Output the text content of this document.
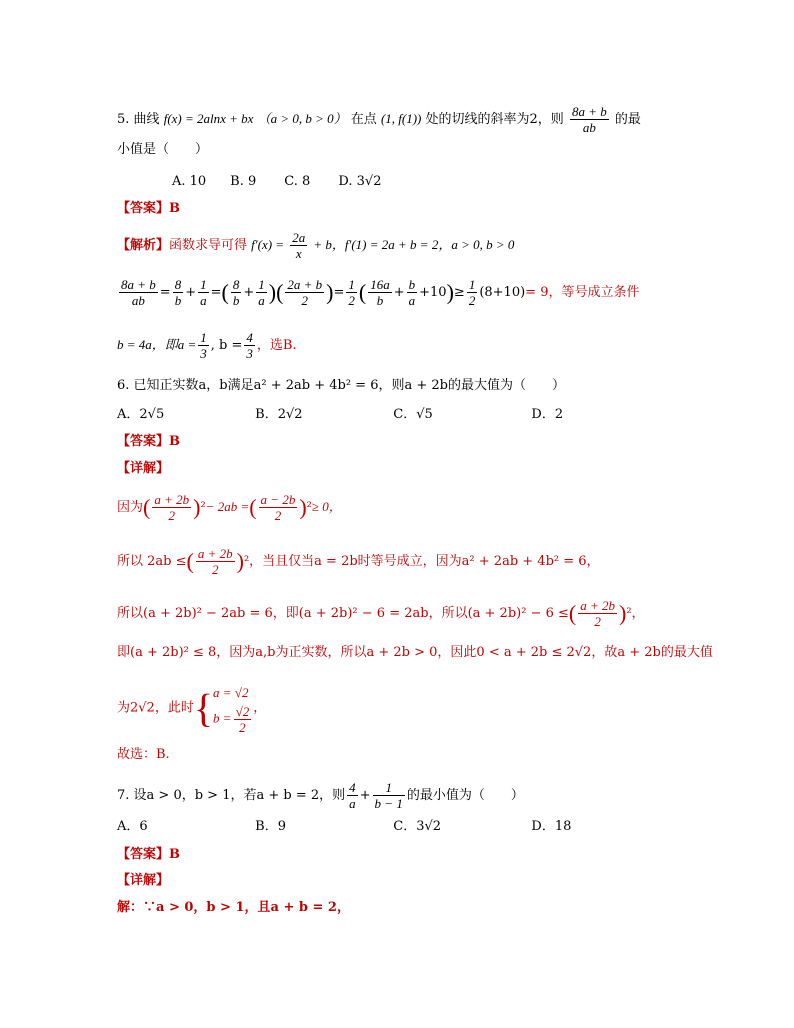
5. 曲线 f(x) = 2alnx + bx （a > 0, b > 0） 在点 (1, f(1)) 处的切线的斜率为2，则 $\frac{8a + b}{ab}$ 的最
小值是（　　）
A. 10 B. 9 C. 8 D. 3√2
【答案】B
【解析】函数求导可得 $f'(x) = \frac{2a}{x} + b$，f′(1) = 2a + b = 2，a > 0, b > 0
$\frac{8a + b}{ab} = \frac{8}{b} + \frac{1}{a}$ =( $\frac{8}{b} + \frac{1}{a}$ )( $\frac{2a + b}{2}$ )= $\frac{1}{2}$ ( $\frac{16a}{b} + \frac{b}{a} +10)\ge \frac{1}{2} (8+10)= 9$，等号成立条件
b = 4a，即$a = \frac{1}{3}$ , $b = \frac{4}{3}$ ，选B.
6. 已知正实数a，b满足a² + 2ab + 4b² = 6，则a + 2b的最大值为（　　）
A．2√5	B．2√2	C．√5	D．2
【答案】B
【详解】
因为( $\frac{a + 2b}{2} )^2- 2ab$ =( $\frac{a - 2b}{2} )^2\ge 0$，
所以 2ab ≤( $\frac{a + 2b}{2} )^2$，当且仅当a = 2b时等号成立，因为a² + 2ab + 4b² = 6，
所以(a + 2b)² − 2ab = 6，即(a + 2b)² − 6 = 2ab，所以(a + 2b)² − 6 ≤( $\frac{a + 2b}{2} )^2$，
即(a + 2b)² ≤ 8，因为a,b为正实数，所以a + 2b > 0，因此0 < a + 2b ≤ 2√2，故a + 2b的最大值
为2√2，此时{a = √2
$b = \frac{√2}{2}$ ，
故选：B.
7. 设a > 0，b > 1，若a + b = 2，则 $\frac{4}{a} + \frac{1}{b - 1}$ 的最小值为（　　）
A．6	B．9	C．3√2	D．18
【答案】B
【详解】
解：∵a > 0，b > 1，且a + b = 2，
